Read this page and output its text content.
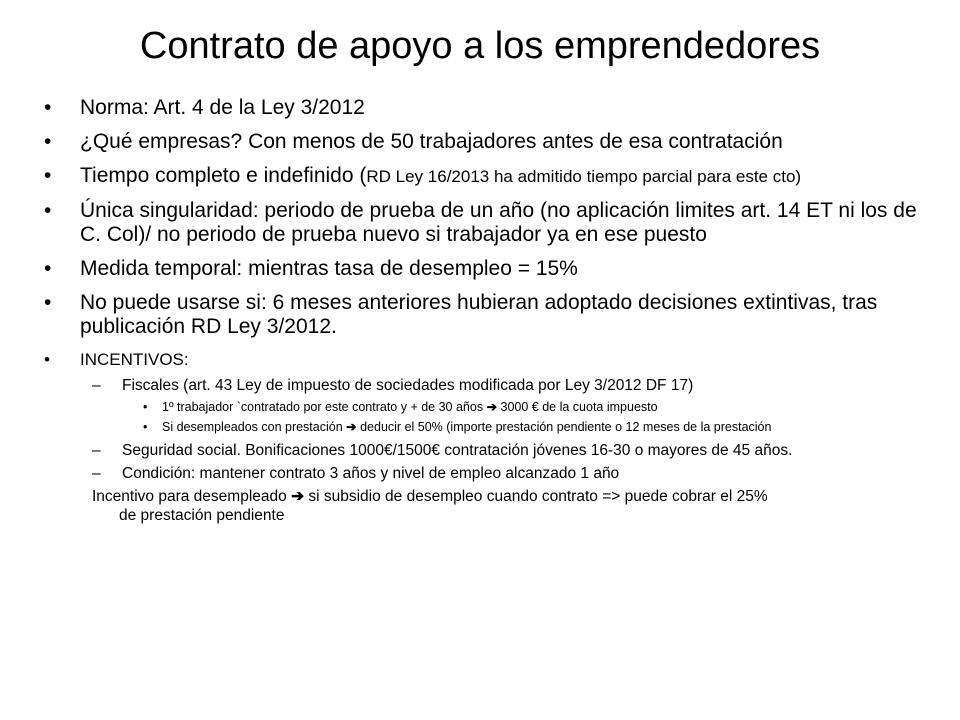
Contrato de apoyo a los emprendedores
• Norma: Art. 4 de la Ley 3/2012
• ¿Qué empresas? Con menos de 50 trabajadores antes de esa contratación
• Tiempo completo e indefinido (RD Ley 16/2013 ha admitido tiempo parcial para este cto)
• Única singularidad: periodo de prueba de un año (no aplicación limites art. 14 ET ni los de C. Col)/ no periodo de prueba nuevo si trabajador ya en ese puesto
• Medida temporal: mientras tasa de desempleo = 15%
• No puede usarse si: 6 meses anteriores hubieran adoptado decisiones extintivas, tras publicación RD Ley 3/2012.
• INCENTIVOS:
– Fiscales (art. 43 Ley de impuesto de sociedades modificada por Ley 3/2012 DF 17)
• 1º trabajador `contratado por este contrato y + de 30 años ➔ 3000 € de la cuota impuesto
• Si desempleados con prestación ➔ deducir el 50% (importe prestación pendiente o 12 meses de la prestación
– Seguridad social. Bonificaciones 1000€/1500€ contratación jóvenes 16-30 o mayores de 45 años.
– Condición: mantener contrato 3 años y nivel de empleo alcanzado 1 año
Incentivo para desempleado ➔ si subsidio de desempleo cuando contrato => puede cobrar el 25%
de prestación pendiente
